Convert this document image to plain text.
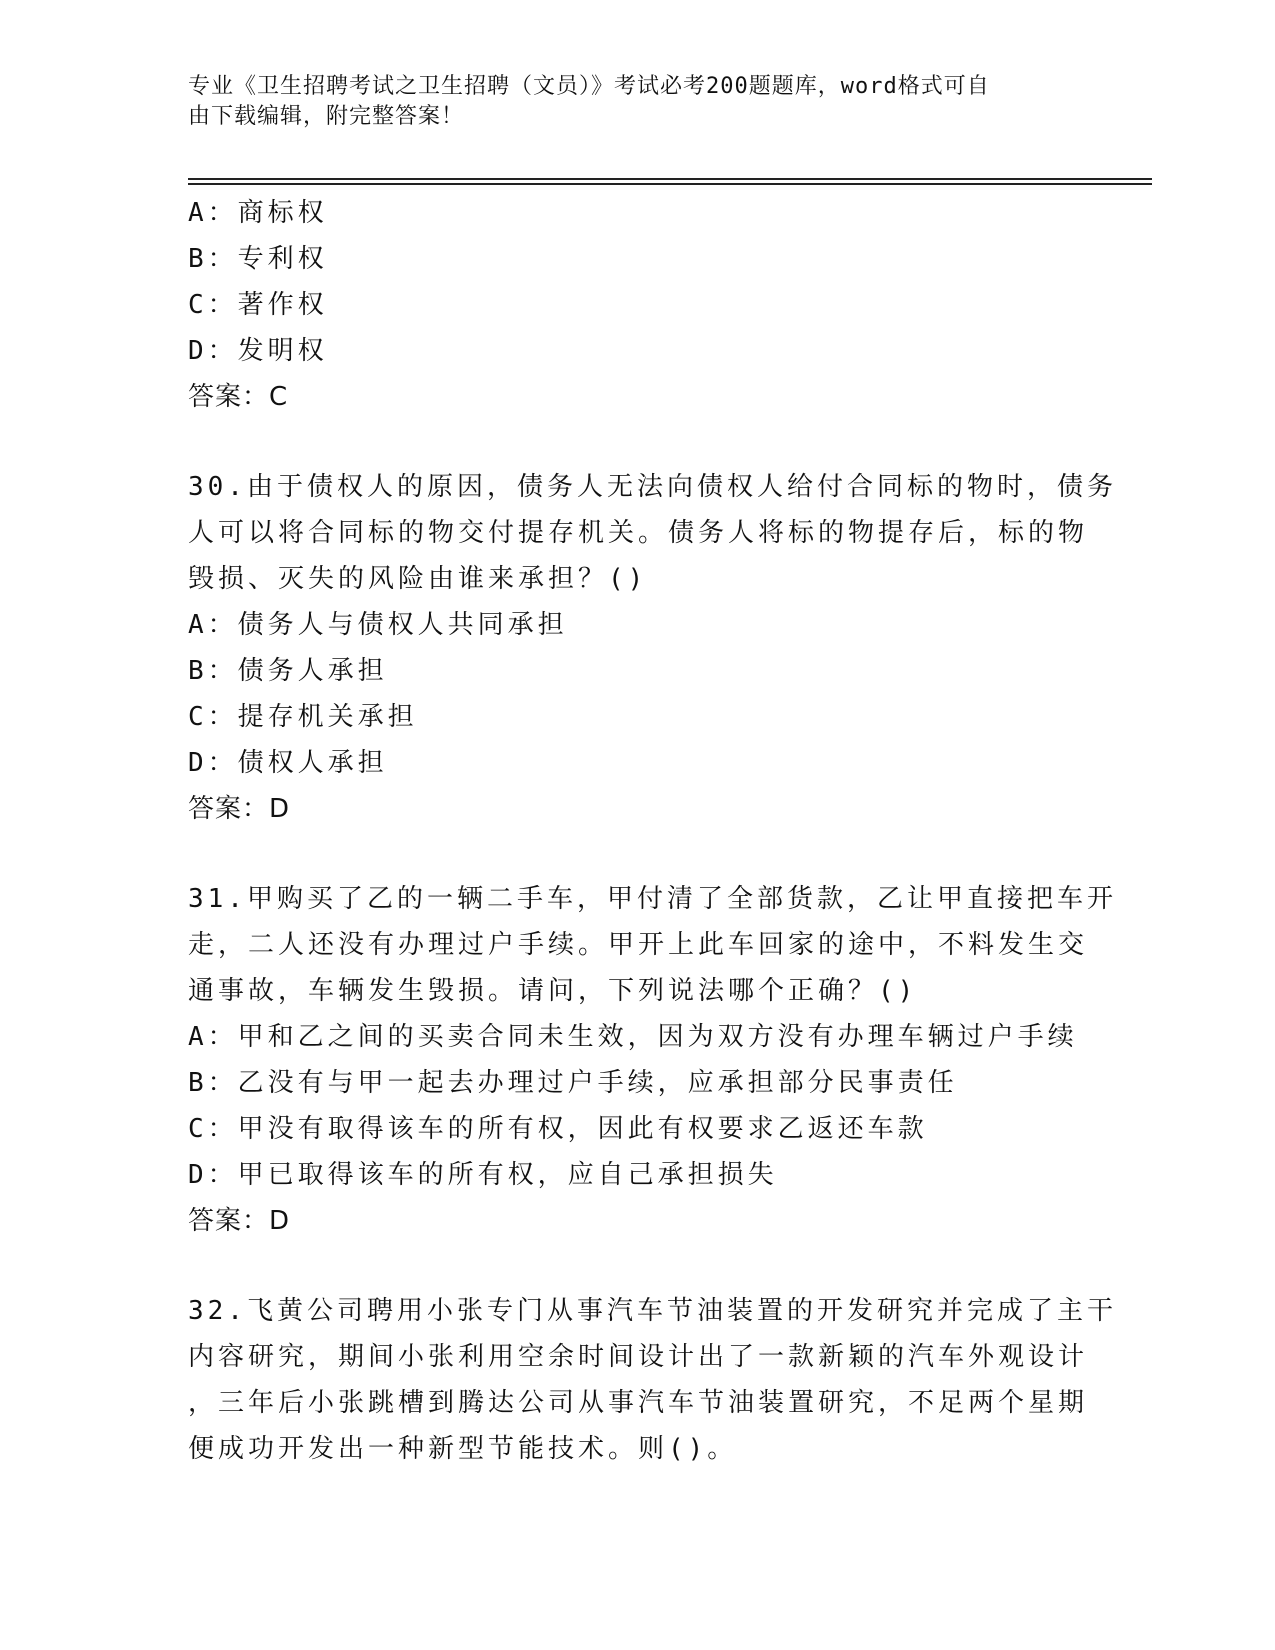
专业《卫生招聘考试之卫生招聘（文员）》考试必考200题题库，word格式可自
由下载编辑，附完整答案！
A：商标权
B：专利权
C：著作权
D：发明权
答案：C
30.由于债权人的原因，债务人无法向债权人给付合同标的物时，债务
人可以将合同标的物交付提存机关。债务人将标的物提存后，标的物
毁损、灭失的风险由谁来承担？()
A：债务人与债权人共同承担
B：债务人承担
C：提存机关承担
D：债权人承担
答案：D
31.甲购买了乙的一辆二手车，甲付清了全部货款，乙让甲直接把车开
走，二人还没有办理过户手续。甲开上此车回家的途中，不料发生交
通事故，车辆发生毁损。请问，下列说法哪个正确？()
A：甲和乙之间的买卖合同未生效，因为双方没有办理车辆过户手续
B：乙没有与甲一起去办理过户手续，应承担部分民事责任
C：甲没有取得该车的所有权，因此有权要求乙返还车款
D：甲已取得该车的所有权，应自己承担损失
答案：D
32.飞黄公司聘用小张专门从事汽车节油装置的开发研究并完成了主干
内容研究，期间小张利用空余时间设计出了一款新颖的汽车外观设计
，三年后小张跳槽到腾达公司从事汽车节油装置研究，不足两个星期
便成功开发出一种新型节能技术。则()。
